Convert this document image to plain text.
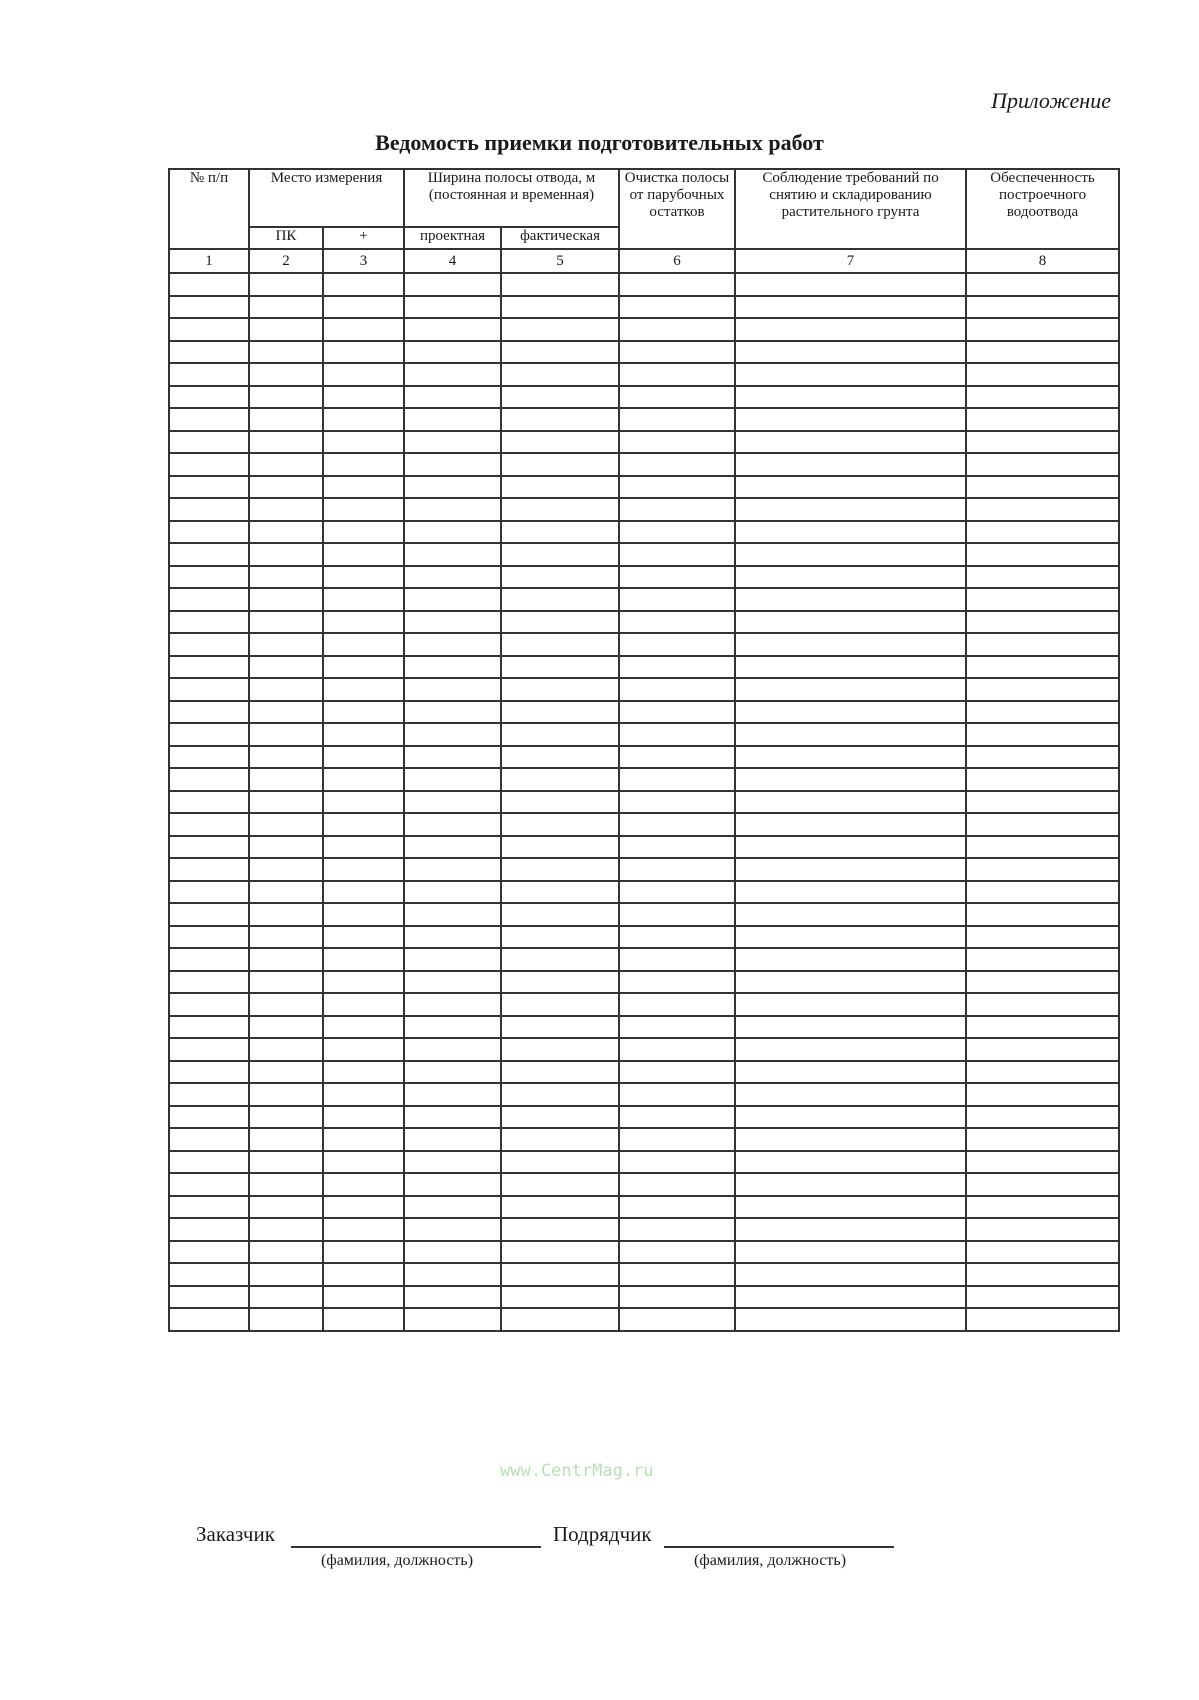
Приложение
Ведомость приемки подготовительных работ
№ п/п	Место измерения		Ширина полосы отвода, м (постоянная и временная)		Очистка полосы от парубочных остатков	Соблюдение требований по снятию и складированию растительного грунта	Обеспеченность построечного водоотвода
	ПК	+	проектная	фактическая			
1	2	3	4	5	6	7	8

www.CentrMag.ru
Заказчик
(фамилия, должность)
Подрядчик
(фамилия, должность)
